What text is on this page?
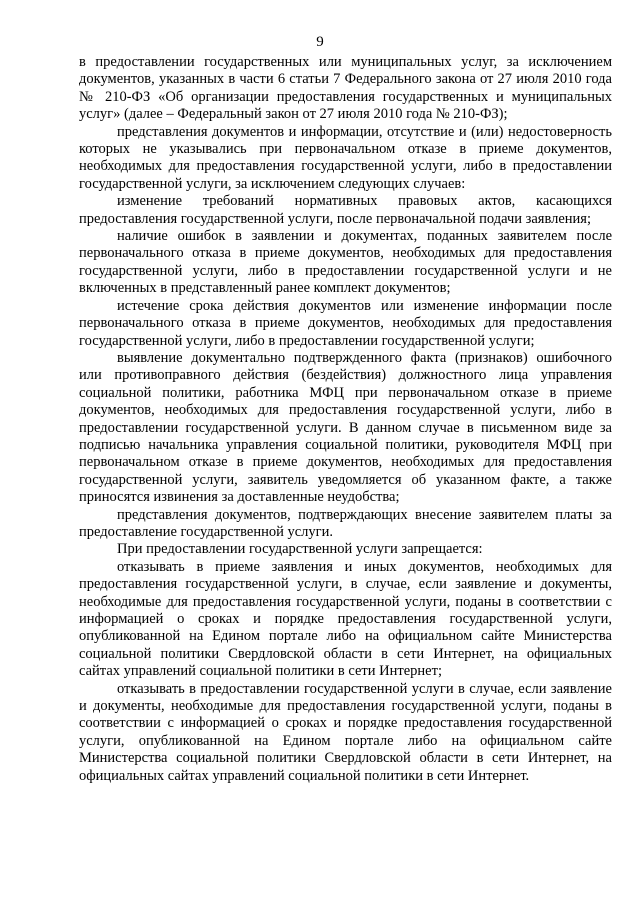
9

в предоставлении государственных или муниципальных услуг, за исключением документов, указанных в части 6 статьи 7 Федерального закона от 27 июля 2010 года № 210-ФЗ «Об организации предоставления государственных и муниципальных услуг» (далее – Федеральный закон от 27 июля 2010 года № 210-ФЗ);

представления документов и информации, отсутствие и (или) недостоверность которых не указывались при первоначальном отказе в приеме документов, необходимых для предоставления государственной услуги, либо в предоставлении государственной услуги, за исключением следующих случаев:

изменение требований нормативных правовых актов, касающихся предоставления государственной услуги, после первоначальной подачи заявления;

наличие ошибок в заявлении и документах, поданных заявителем после первоначального отказа в приеме документов, необходимых для предоставления государственной услуги, либо в предоставлении государственной услуги и не включенных в представленный ранее комплект документов;

истечение срока действия документов или изменение информации после первоначального отказа в приеме документов, необходимых для предоставления государственной услуги, либо в предоставлении государственной услуги;

выявление документально подтвержденного факта (признаков) ошибочного или противоправного действия (бездействия) должностного лица управления социальной политики, работника МФЦ при первоначальном отказе в приеме документов, необходимых для предоставления государственной услуги, либо в предоставлении государственной услуги. В данном случае в письменном виде за подписью начальника управления социальной политики, руководителя МФЦ при первоначальном отказе в приеме документов, необходимых для предоставления государственной услуги, заявитель уведомляется об указанном факте, а также приносятся извинения за доставленные неудобства;

представления документов, подтверждающих внесение заявителем платы за предоставление государственной услуги.

При предоставлении государственной услуги запрещается:

отказывать в приеме заявления и иных документов, необходимых для предоставления государственной услуги, в случае, если заявление и документы, необходимые для предоставления государственной услуги, поданы в соответствии с информацией о сроках и порядке предоставления государственной услуги, опубликованной на Едином портале либо на официальном сайте Министерства социальной политики Свердловской области в сети Интернет, на официальных сайтах управлений социальной политики в сети Интернет;

отказывать в предоставлении государственной услуги в случае, если заявление и документы, необходимые для предоставления государственной услуги, поданы в соответствии с информацией о сроках и порядке предоставления государственной услуги, опубликованной на Едином портале либо на официальном сайте Министерства социальной политики Свердловской области в сети Интернет, на официальных сайтах управлений социальной политики в сети Интернет.
